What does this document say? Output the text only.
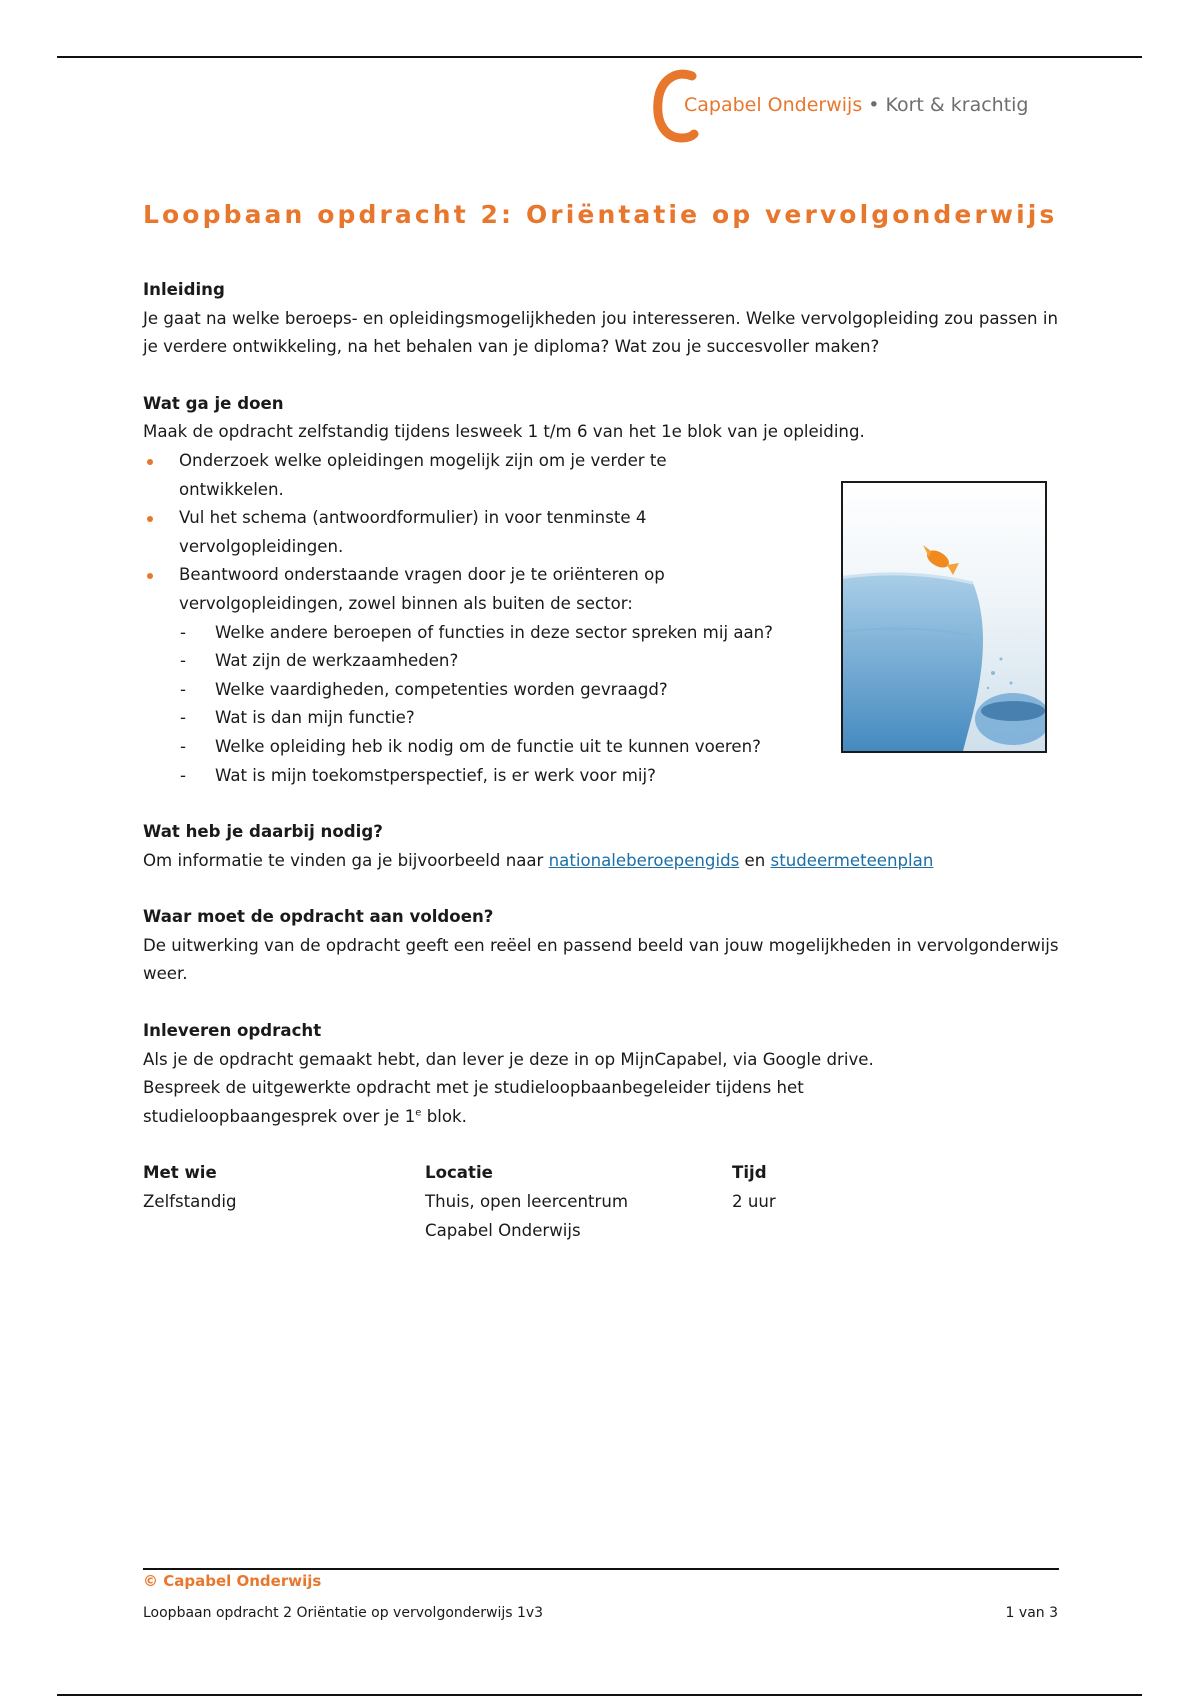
Capabel Onderwijs • Kort & krachtig
Loopbaan opdracht 2: Oriëntatie op vervolgonderwijs
Inleiding

Je gaat na welke beroeps- en opleidingsmogelijkheden jou interesseren. Welke vervolgopleiding zou passen in je verdere ontwikkeling, na het behalen van je diploma? Wat zou je succesvoller maken?

Wat ga je doen

Maak de opdracht zelfstandig tijdens lesweek 1 t/m 6 van het 1e blok van je opleiding.

Onderzoek welke opleidingen mogelijk zijn om je verder te ontwikkelen.
Vul het schema (antwoordformulier) in voor tenminste 4 vervolgopleidingen.
Beantwoord onderstaande vragen door je te oriënteren op vervolgopleidingen, zowel binnen als buiten de sector:
- Welke andere beroepen of functies in deze sector spreken mij aan?
- Wat zijn de werkzaamheden?
- Welke vaardigheden, competenties worden gevraagd?
- Wat is dan mijn functie?
- Welke opleiding heb ik nodig om de functie uit te kunnen voeren?
- Wat is mijn toekomstperspectief, is er werk voor mij?
Wat heb je daarbij nodig?

Om informatie te vinden ga je bijvoorbeeld naar nationaleberoepengids en studeermeteenplan

Waar moet de opdracht aan voldoen?

De uitwerking van de opdracht geeft een reëel en passend beeld van jouw mogelijkheden in vervolgonderwijs weer.

Inleveren opdracht

Als je de opdracht gemaakt hebt, dan lever je deze in op MijnCapabel, via Google drive.

Bespreek de uitgewerkte opdracht met je studieloopbaanbegeleider tijdens het

studieloopbaangesprek over je 1e blok.

Met wie	Locatie	Tijd
Zelfstandig	Thuis, open leercentrum	2 uur
Capabel Onderwijs
© Capabel Onderwijs
Loopbaan opdracht 2 Oriëntatie op vervolgonderwijs 1v3	1 van 3
